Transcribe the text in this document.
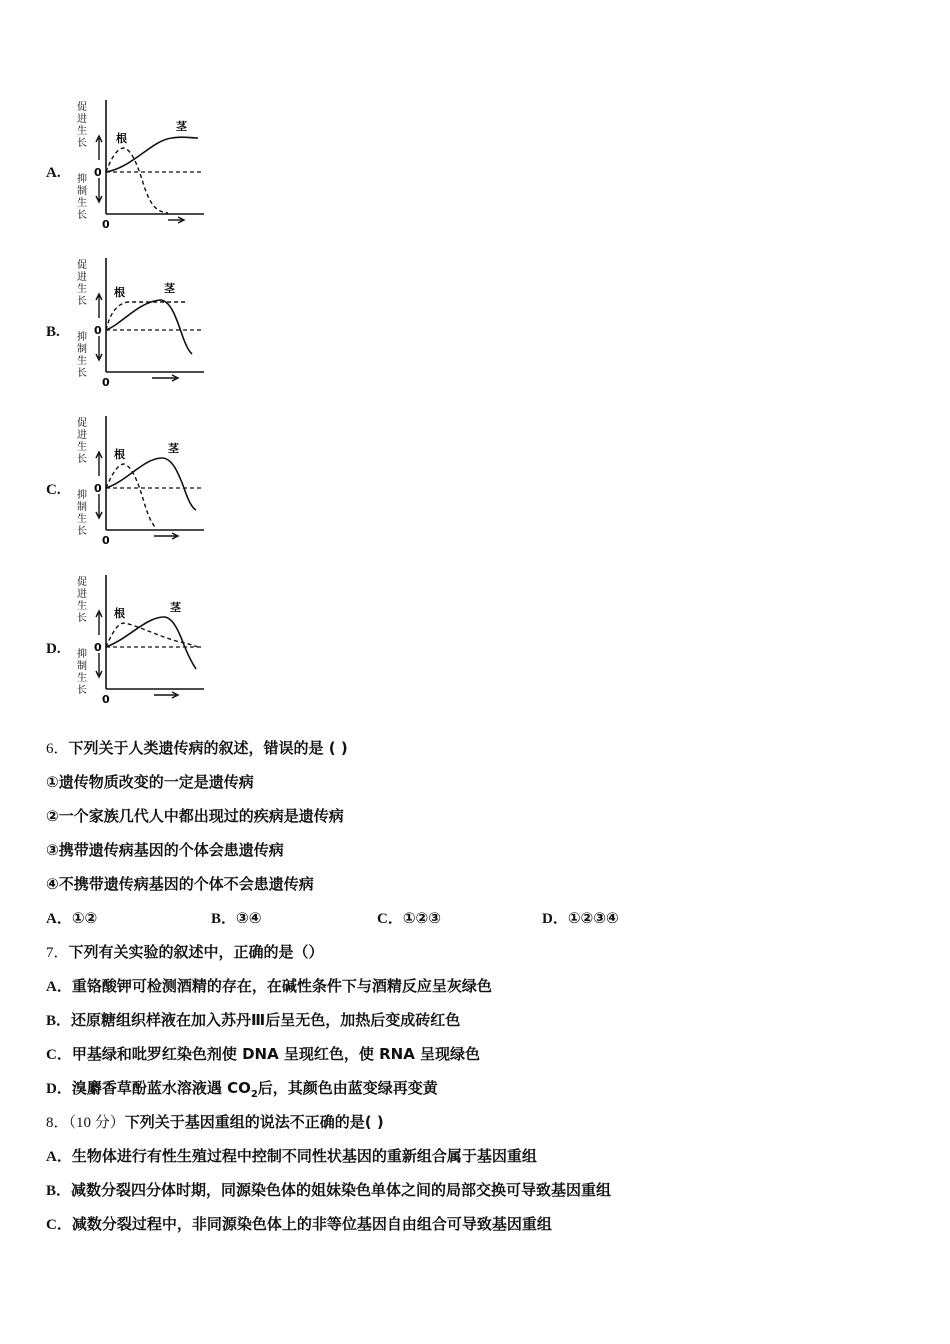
A.
促
进
生
长
抑
制
生
长
0
0
根
茎
B.
促
进
生
长
抑
制
生
长
0
0
根	茎
C.
促
进
生
长
抑
制
生
长
0
0
根	茎
D.
促
进
生
长
抑
制
生
长
0
0
根	茎
6．下列关于人类遗传病的叙述，错误的是 ( )
①遗传物质改变的一定是遗传病
②一个家族几代人中都出现过的疾病是遗传病
③携带遗传病基因的个体会患遗传病
④不携带遗传病基因的个体不会患遗传病
A．①②	B．③④	C．①②③	D．①②③④
7．下列有关实验的叙述中，正确的是（）
A．重铬酸钾可检测酒精的存在，在碱性条件下与酒精反应呈灰绿色
B．还原糖组织样液在加入苏丹Ⅲ后呈无色，加热后变成砖红色
C．甲基绿和吡罗红染色剂使 DNA 呈现红色，使 RNA 呈现绿色
D．溴麝香草酚蓝水溶液遇 $CO_2$后，其颜色由蓝变绿再变黄
8．（10 分）下列关于基因重组的说法不正确的是( )
A．生物体进行有性生殖过程中控制不同性状基因的重新组合属于基因重组
B．减数分裂四分体时期，同源染色体的姐妹染色单体之间的局部交换可导致基因重组
C．减数分裂过程中，非同源染色体上的非等位基因自由组合可导致基因重组
